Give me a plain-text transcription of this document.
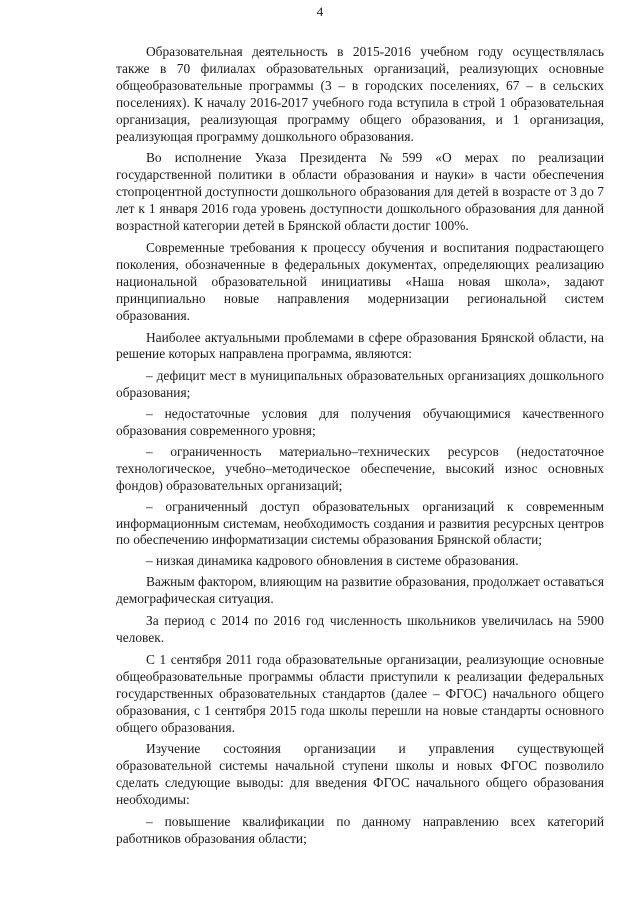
4

Образовательная деятельность в 2015-2016 учебном году осуществлялась также в 70 филиалах образовательных организаций, реализующих основные общеобразовательные программы (3 – в городских поселениях, 67 – в сельских поселениях). К началу 2016-2017 учебного года вступила в строй 1 образовательная организация, реализующая программу общего образования, и 1 организация, реализующая программу дошкольного образования.

Во исполнение Указа Президента №599 «О мерах по реализации государственной политики в области образования и науки» в части обеспечения стопроцентной доступности дошкольного образования для детей в возрасте от 3 до 7 лет к 1 января 2016 года уровень доступности дошкольного образования для данной возрастной категории детей в Брянской области достиг 100%.

Современные требования к процессу обучения и воспитания подрастающего поколения, обозначенные в федеральных документах, определяющих реализацию национальной образовательной инициативы «Наша новая школа», задают принципиально новые направления модернизации региональной систем образования.

Наиболее актуальными проблемами в сфере образования Брянской области, на решение которых направлена программа, являются:

– дефицит мест в муниципальных образовательных организациях дошкольного образования;

– недостаточные условия для получения обучающимися качественного образования современного уровня;

– ограниченность материально–технических ресурсов (недостаточное технологическое, учебно–методическое обеспечение, высокий износ основных фондов) образовательных организаций;

– ограниченный доступ образовательных организаций к современным информационным системам, необходимость создания и развития ресурсных центров по обеспечению информатизации системы образования Брянской области;

– низкая динамика кадрового обновления в системе образования.

Важным фактором, влияющим на развитие образования, продолжает оставаться демографическая ситуация.

За период с 2014 по 2016 год численность школьников увеличилась на 5900 человек.

С 1 сентября 2011 года образовательные организации, реализующие основные общеобразовательные программы области приступили к реализации федеральных государственных образовательных стандартов (далее – ФГОС) начального общего образования, с 1 сентября 2015 года школы перешли на новые стандарты основного общего образования.

Изучение состояния организации и управления существующей образовательной системы начальной ступени школы и новых ФГОС позволило сделать следующие выводы: для введения ФГОС начального общего образования необходимы:

– повышение квалификации по данному направлению всех категорий работников образования области;
